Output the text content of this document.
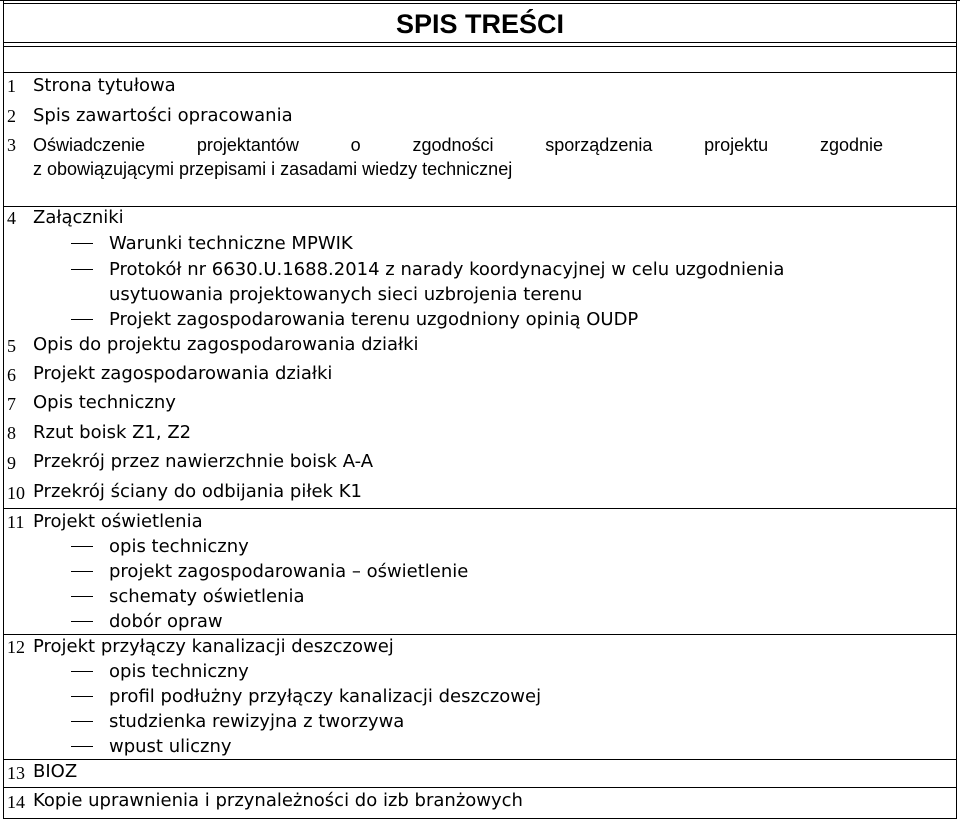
SPIS TREŚCI
1 Strona tytułowa
2 Spis zawartości opracowania
3 Oświadczenie projektantów o zgodności sporządzenia projektu zgodnie
z obowiązującymi przepisami i zasadami wiedzy technicznej
4 Załączniki
Warunki techniczne MPWIK
Protokół nr 6630.U.1688.2014 z narady koordynacyjnej w celu uzgodnienia
usytuowania projektowanych sieci uzbrojenia terenu
Projekt zagospodarowania terenu uzgodniony opinią OUDP
5 Opis do projektu zagospodarowania działki
6 Projekt zagospodarowania działki
7 Opis techniczny
8 Rzut boisk Z1, Z2
9 Przekrój przez nawierzchnie boisk A-A
10 Przekrój ściany do odbijania piłek K1
11 Projekt oświetlenia
opis techniczny
projekt zagospodarowania – oświetlenie
schematy oświetlenia
dobór opraw
12 Projekt przyłączy kanalizacji deszczowej
opis techniczny
profil podłużny przyłączy kanalizacji deszczowej
studzienka rewizyjna z tworzywa
wpust uliczny
13 BIOZ
14 Kopie uprawnienia i przynależności do izb branżowych
